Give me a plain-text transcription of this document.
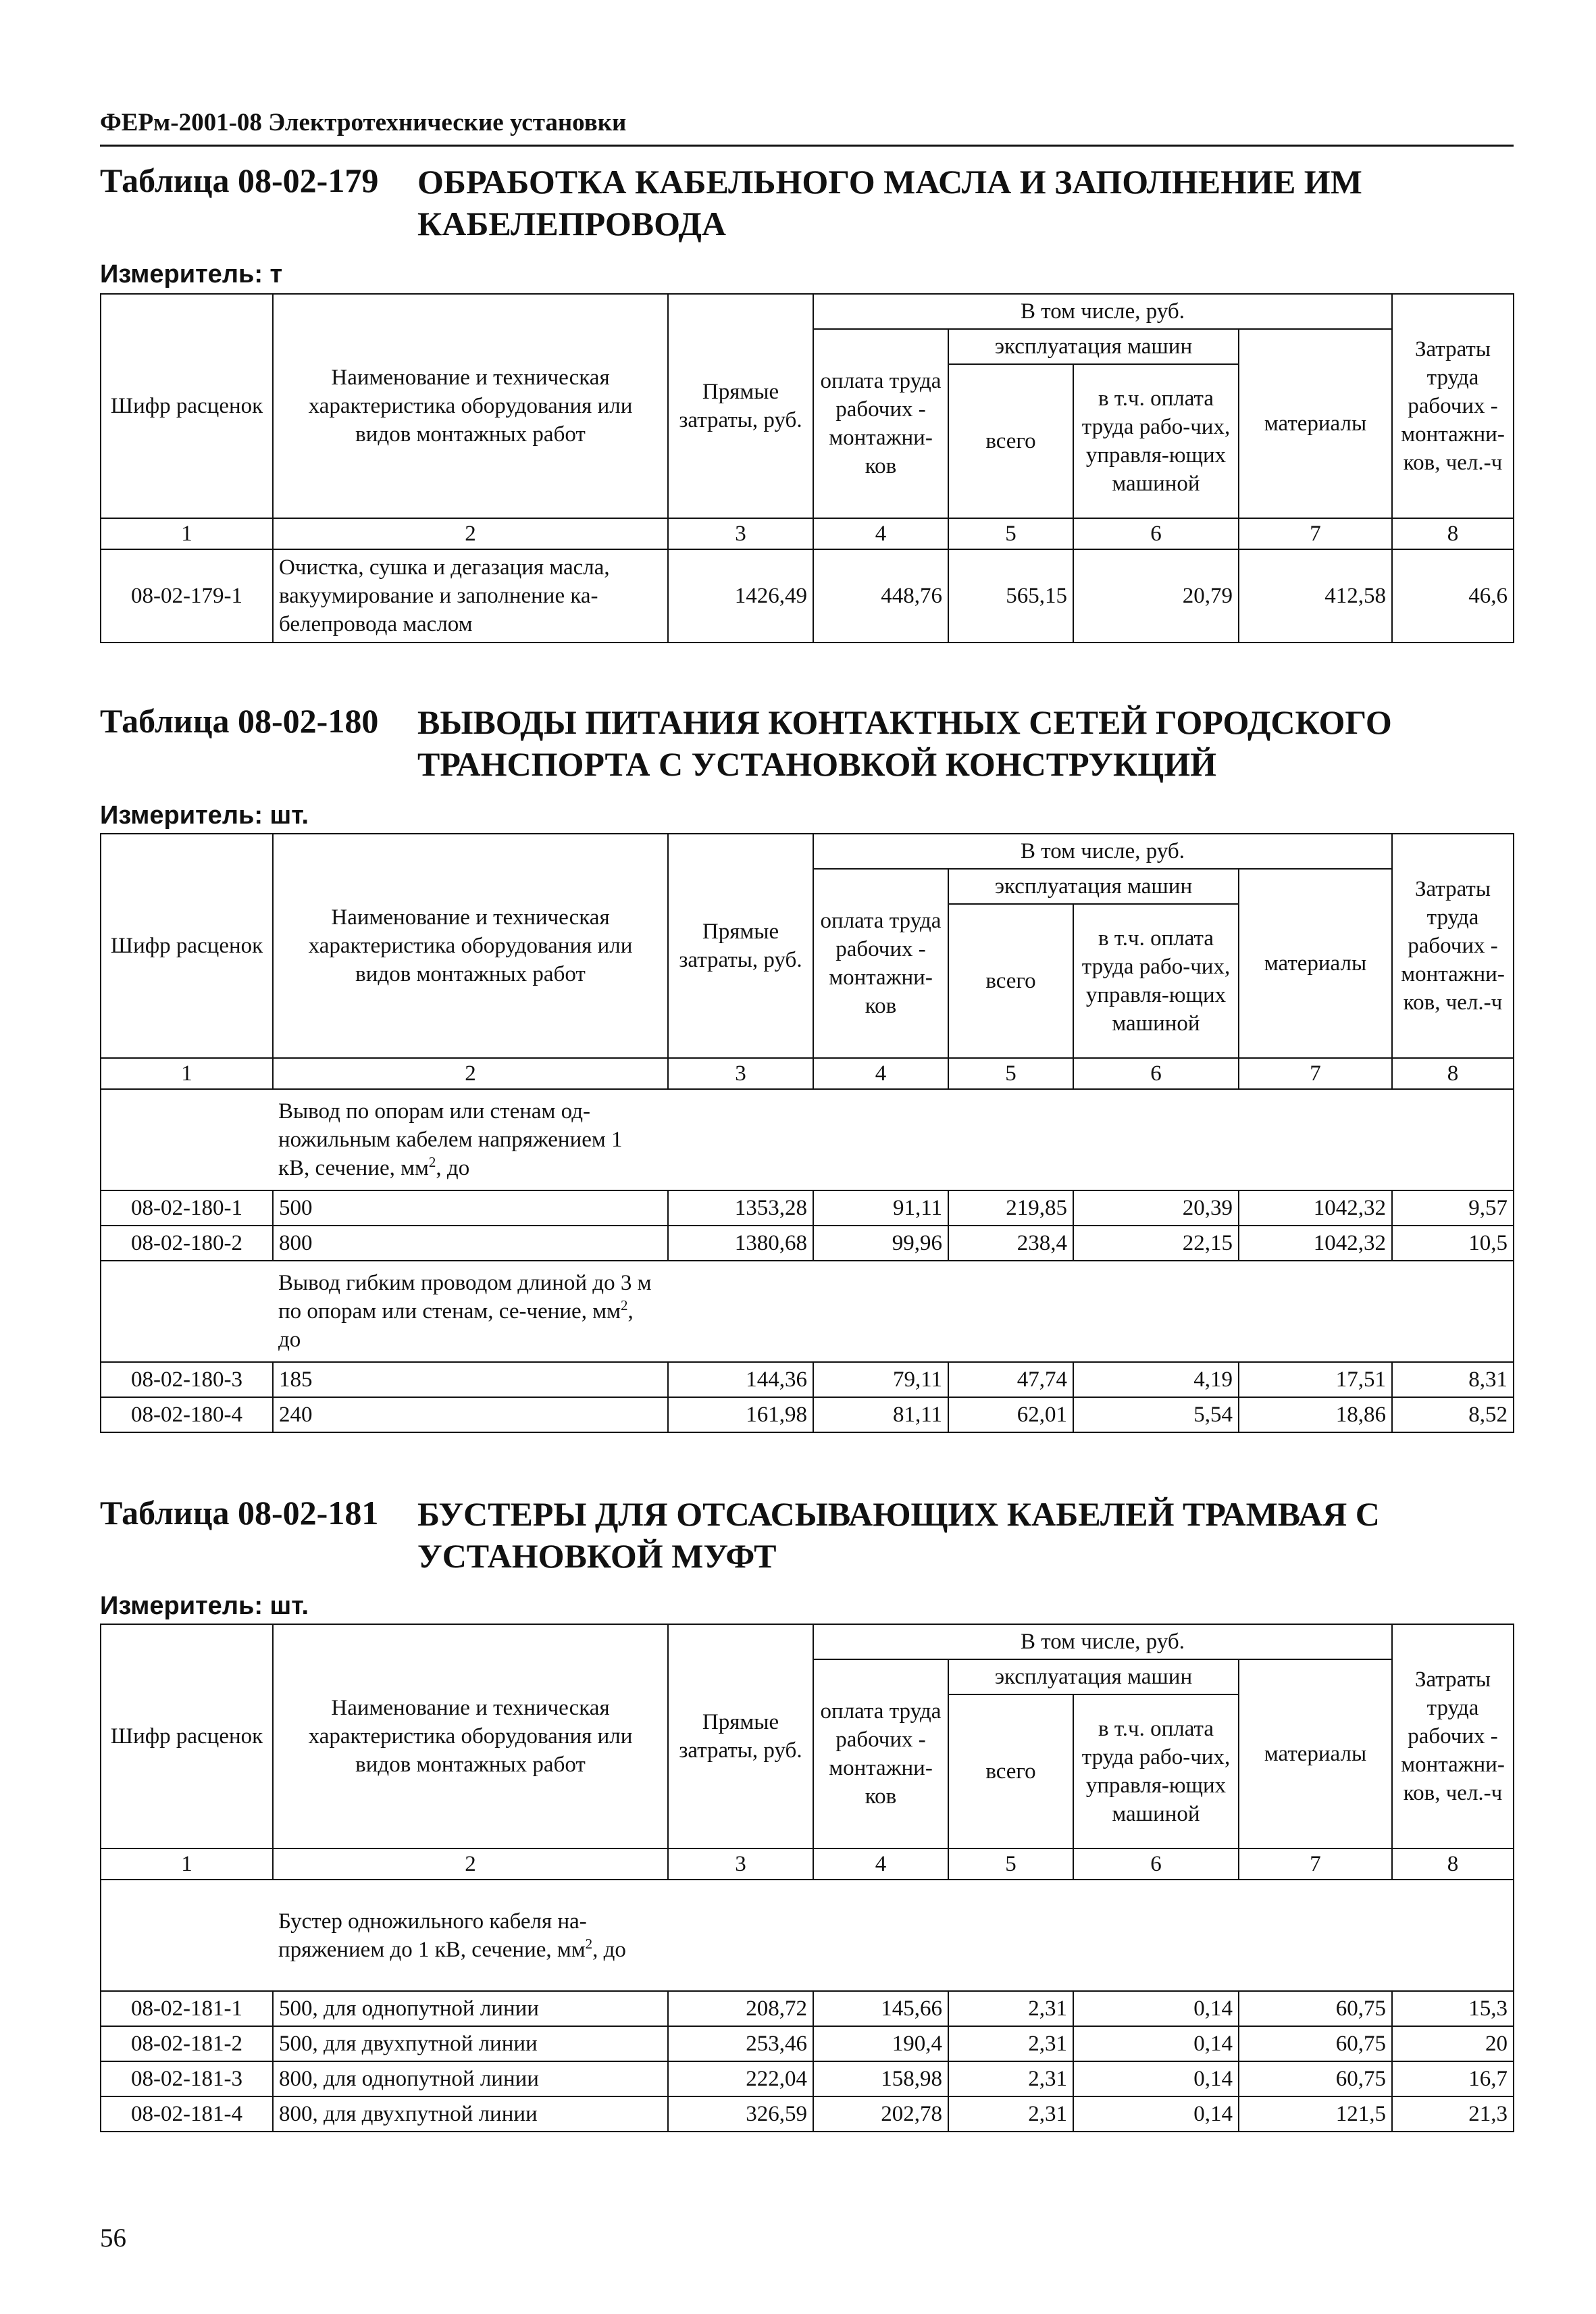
ФЕРм-2001-08 Электротехнические установки
Таблица 08-02-179 ОБРАБОТКА КАБЕЛЬНОГО МАСЛА И ЗАПОЛНЕНИЕ ИМ КАБЕЛЕПРОВОДА
Измеритель: т
Шифр расценок	Наименование и техническая характеристика оборудования или видов монтажных работ	Прямые затраты, руб.	В том числе, руб.				Затраты труда рабочих - монтажни-ков, чел.-ч
			оплата труда рабочих - монтажни-ков	эксплуатация машин		материалы	
				всего	в т.ч. оплата труда рабо-чих, управля-ющих машиной		
1	2	3	4	5	6	7	8
08-02-179-1	Очистка, сушка и дегазация масла, вакуумирование и заполнение ка-белепровода маслом	1426,49	448,76	565,15	20,79	412,58	46,6
Таблица 08-02-180 ВЫВОДЫ ПИТАНИЯ КОНТАКТНЫХ СЕТЕЙ ГОРОДСКОГО ТРАНСПОРТА С УСТАНОВКОЙ КОНСТРУКЦИЙ
Измеритель: шт.
Шифр расценок	Наименование и техническая характеристика оборудования или видов монтажных работ	Прямые затраты, руб.	В том числе, руб.				Затраты труда рабочих - монтажни-ков, чел.-ч
			оплата труда рабочих - монтажни-ков	эксплуатация машин		материалы	
				всего	в т.ч. оплата труда рабо-чих, управля-ющих машиной		
1	2	3	4	5	6	7	8

	Вывод по опорам или стенам од-ножильным кабелем напряжением 1 кВ, сечение, $мм^2$, до						

08-02-180-1	500	1353,28	91,11	219,85	20,39	1042,32	9,57
08-02-180-2	800	1380,68	99,96	238,4	22,15	1042,32	10,5

	Вывод гибким проводом длиной до 3 м по опорам или стенам, се-чение, $мм^2$, до						

08-02-180-3	185	144,36	79,11	47,74	4,19	17,51	8,31
08-02-180-4	240	161,98	81,11	62,01	5,54	18,86	8,52
Таблица 08-02-181 БУСТЕРЫ ДЛЯ ОТСАСЫВАЮЩИХ КАБЕЛЕЙ ТРАМВАЯ С УСТАНОВКОЙ МУФТ
Измеритель: шт.
Шифр расценок	Наименование и техническая характеристика оборудования или видов монтажных работ	Прямые затраты, руб.	В том числе, руб.				Затраты труда рабочих - монтажни-ков, чел.-ч
			оплата труда рабочих - монтажни-ков	эксплуатация машин		материалы	
				всего	в т.ч. оплата труда рабо-чих, управля-ющих машиной		
1	2	3	4	5	6	7	8

	Бустер одножильного кабеля на-пряжением до 1 кВ, сечение, $мм^2$, до						

08-02-181-1	500, для однопутной линии	208,72	145,66	2,31	0,14	60,75	15,3
08-02-181-2	500, для двухпутной линии	253,46	190,4	2,31	0,14	60,75	20
08-02-181-3	800, для однопутной линии	222,04	158,98	2,31	0,14	60,75	16,7
08-02-181-4	800, для двухпутной линии	326,59	202,78	2,31	0,14	121,5	21,3
56
